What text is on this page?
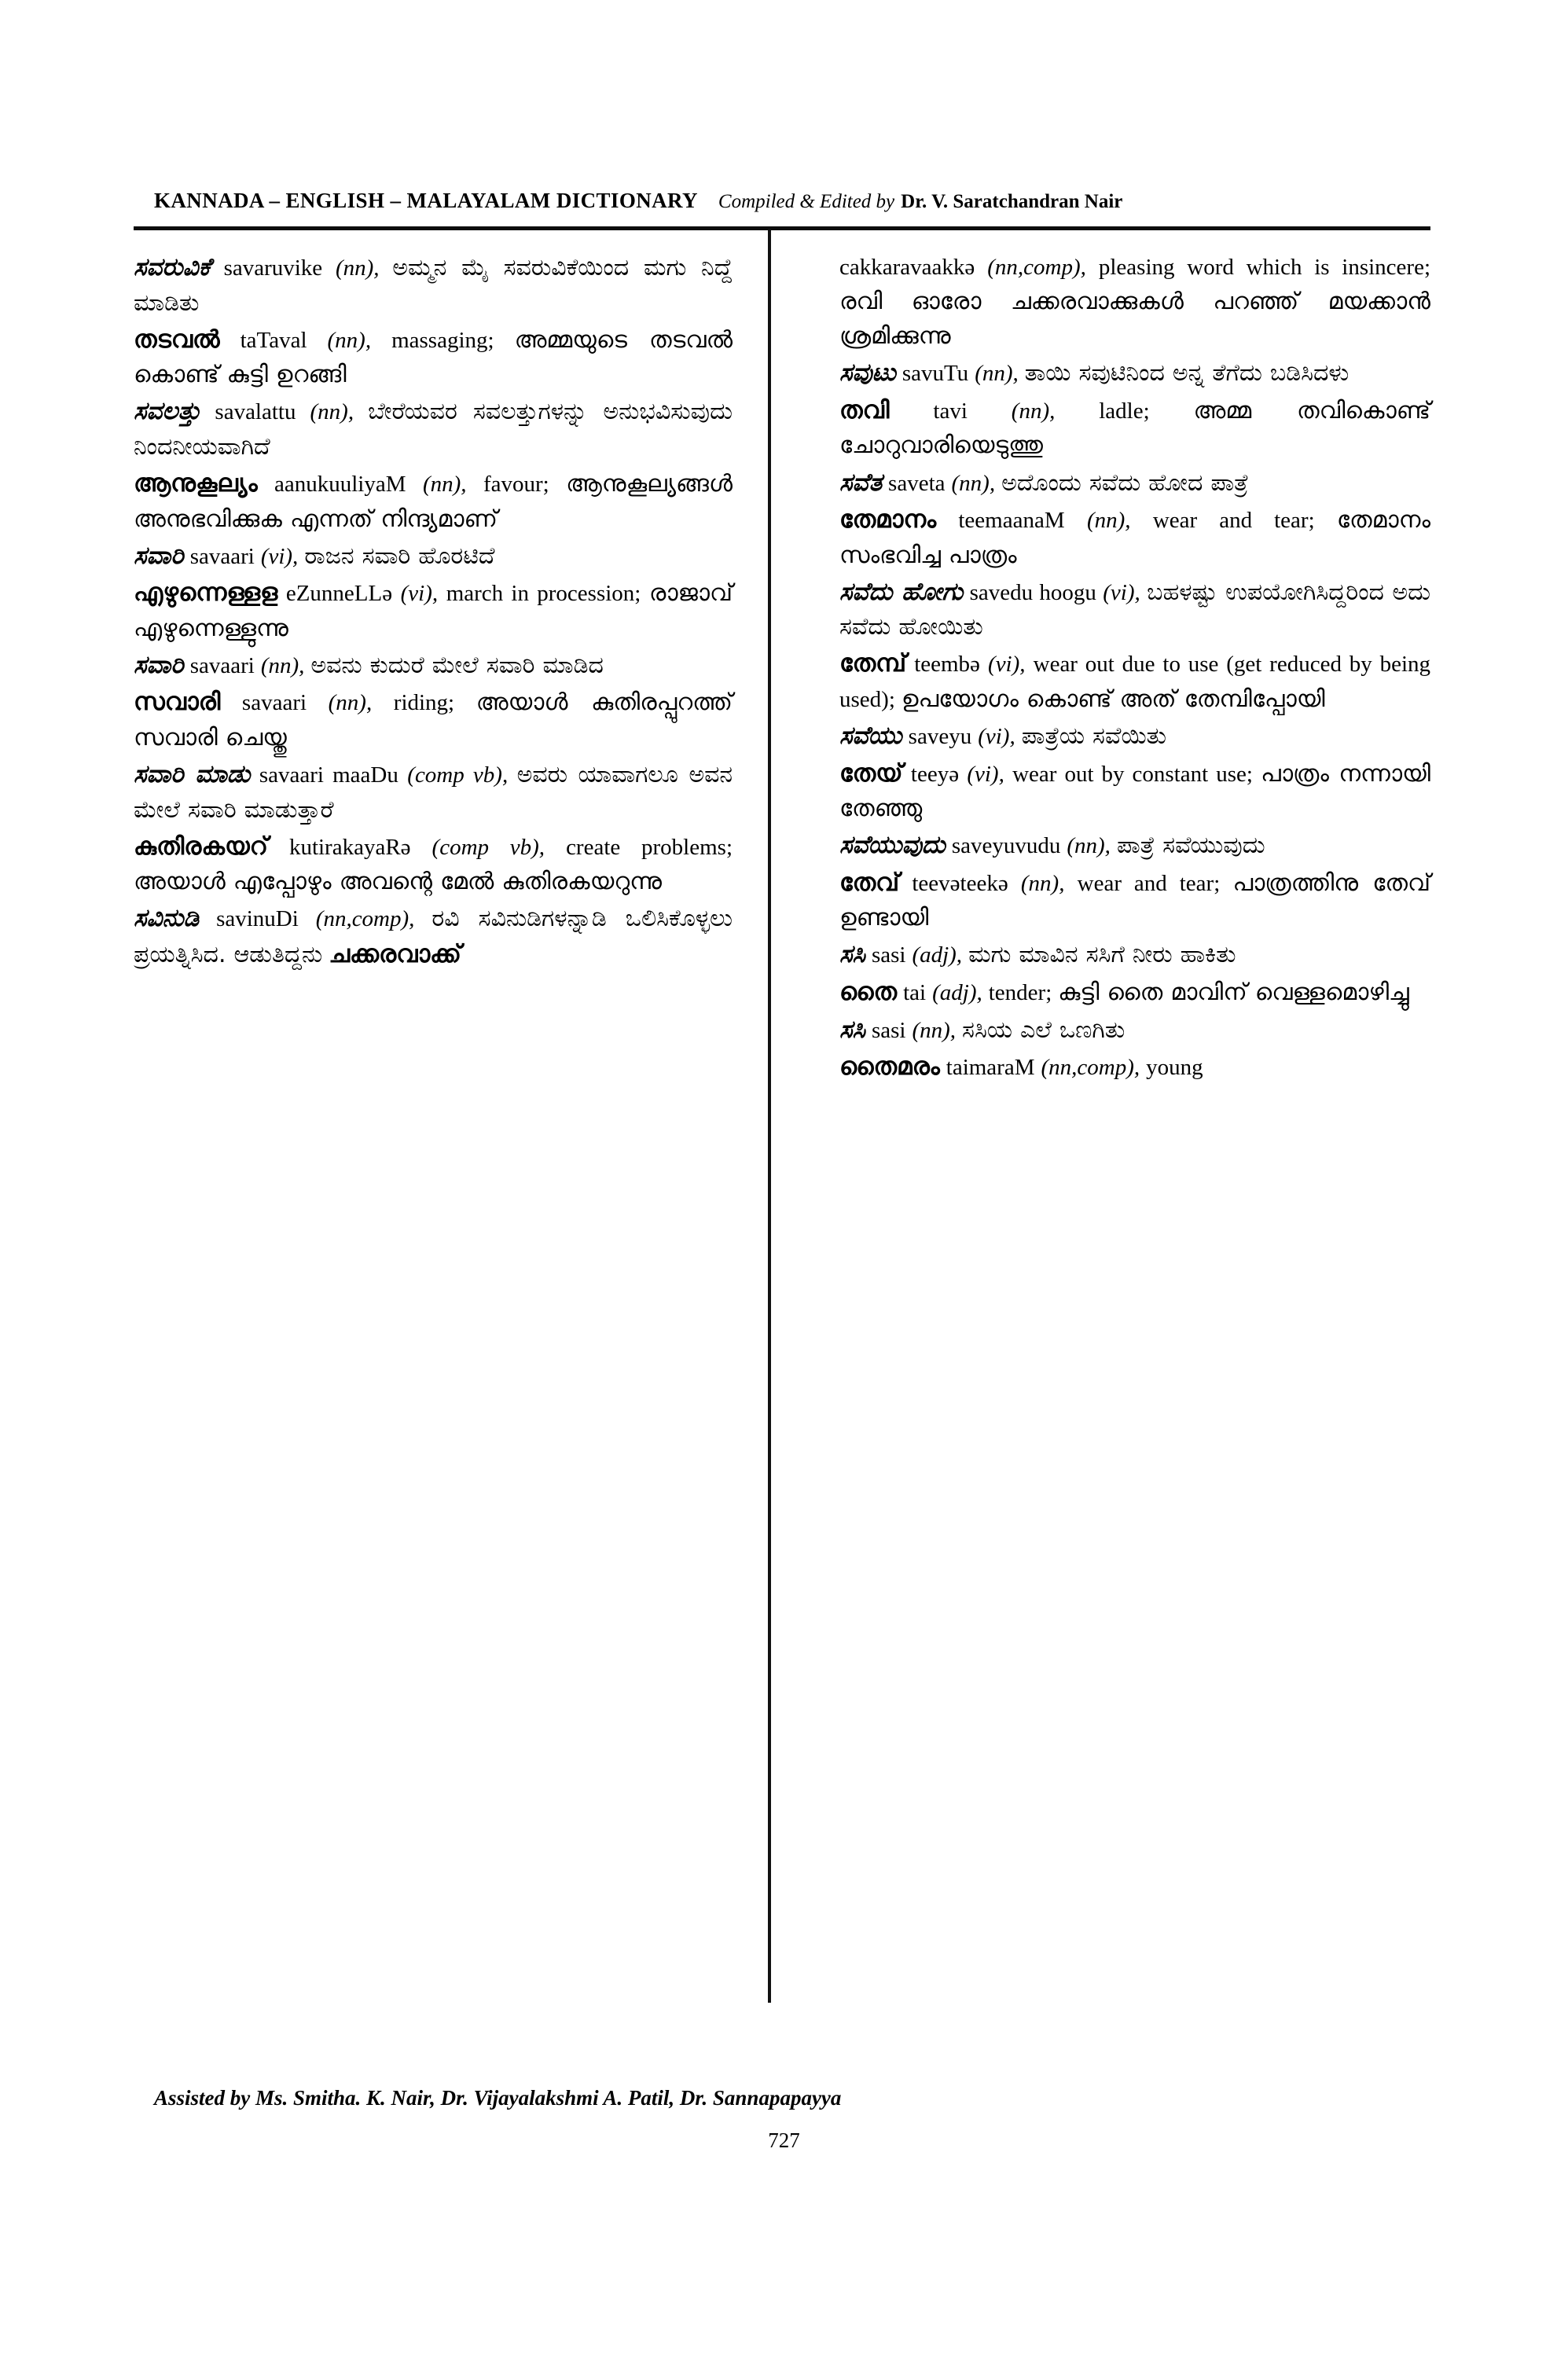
KANNADA – ENGLISH – MALAYALAM DICTIONARY Compiled & Edited by Dr. V. Saratchandran Nair

ಸವರುವಿಕೆ savaruvike (nn), ಅಮ್ಮನ ಮೈ ಸವರುವಿಕೆಯಿಂದ ಮಗು ನಿದ್ದೆ ಮಾಡಿತು

തടവൽ taTaval (nn), massaging; അമ്മയുടെ തടവൽ കൊണ്ട് കുട്ടി ഉറങ്ങി

ಸವಲತ್ತು savalattu (nn), ಬೇರೆಯವರ ಸವಲತ್ತುಗಳನ್ನು ಅನುಭವಿಸುವುದು ನಿಂದನೀಯವಾಗಿದೆ

ആനുകൂല്യം aanukuuliyaM (nn), favour; ആനുകൂല്യങ്ങൾ അനുഭവിക്കുക എന്നത് നിന്ദ്യമാണ്

ಸವಾರಿ savaari (vi), ರಾಜನ ಸವಾರಿ ಹೊರಟಿದೆ

എഴുന്നെള്ളള eZunneLLə (vi), march in procession; രാജാവ് എഴുന്നെള്ളുന്നു

ಸವಾರಿ savaari (nn), ಅವನು ಕುದುರೆ ಮೇಲೆ ಸವಾರಿ ಮಾಡಿದ

സവാരി savaari (nn), riding; അയാൾ കുതിരപ്പുറത്ത് സവാരി ചെയ്തു

ಸವಾರಿ ಮಾಡು savaari maaDu (comp vb), ಅವರು ಯಾವಾಗಲೂ ಅವನ ಮೇಲೆ ಸವಾರಿ ಮಾಡುತ್ತಾರೆ

കുതിരകയറ് kutirakayaRə (comp vb), create problems; അയാൾ എപ്പോഴും അവന്റെ മേൽ കുതിരകയറുന്നു

ಸವಿನುಡಿ savinuDi (nn,comp), ರವಿ ಸವಿನುಡಿಗಳನ್ನಾಡಿ ಒಲಿಸಿಕೊಳ್ಳಲು ಪ್ರಯತ್ನಿಸಿದ. ಆಡುತಿದ್ದನು ചക്കരവാക്ക്

cakkaravaakkə (nn,comp), pleasing word which is insincere; രവി ഓരോ ചക്കരവാക്കുകൾ പറഞ്ഞ് മയക്കാൻ ശ്രമിക്കുന്നു

ಸವುಟು savuTu (nn), ತಾಯಿ ಸವುಟಿನಿಂದ ಅನ್ನ ತೆಗೆದು ಬಡಿಸಿದಳು

തവി tavi (nn), ladle; അമ്മ തവികൊണ്ട് ചോറുവാരിയെടുത്തു

ಸವೆತ saveta (nn), ಅದೊಂದು ಸವೆದು ಹೋದ ಪಾತ್ರೆ

തേമാനം teemaanaM (nn), wear and tear; തേമാനം സംഭവിച്ച പാത്രം

ಸವೆದು ಹೋಗು savedu hoogu (vi), ಬಹಳಷ್ಟು ಉಪಯೋಗಿಸಿದ್ದರಿಂದ ಅದು ಸವೆದು ಹೋಯಿತು

തേമ്പ് teembə (vi), wear out due to use (get reduced by being used); ഉപയോഗം കൊണ്ട് അത് തേമ്പിപ്പോയി

ಸವೆಯು saveyu (vi), ಪಾತ್ರೆಯ ಸವೆಯಿತು

തേയ് teeyə (vi), wear out by constant use; പാത്രം നന്നായി തേഞ്ഞു

ಸವೆಯುವುದು saveyuvudu (nn), ಪಾತ್ರೆ ಸವೆಯುವುದು

തേവ് teevəteekə (nn), wear and tear; പാത്രത്തിനു തേവ് ഉണ്ടായി

ಸಸಿ sasi (adj), ಮಗು ಮಾವಿನ ಸಸಿಗೆ ನೀರು ಹಾಕಿತು

തൈ tai (adj), tender; കുട്ടി തൈ മാവിന് വെള്ളമൊഴിച്ചു

ಸಸಿ sasi (nn), ಸಸಿಯ ಎಲೆ ಒಣಗಿತು

തൈമരം taimaraM (nn,comp), young

Assisted by Ms. Smitha. K. Nair, Dr. Vijayalakshmi A. Patil, Dr. Sannapapayya
727
